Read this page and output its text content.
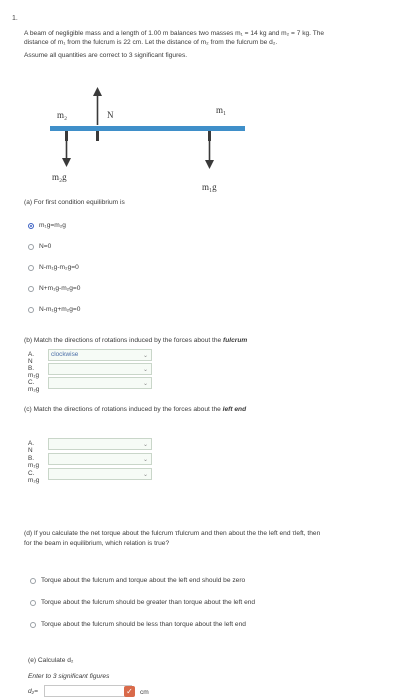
1.

A beam of negligible mass and a length of 1.00 m balances two masses m₁ = 14 kg and m₂ = 7 kg. The

distance of m₁ from the fulcrum is 22 cm. Let the distance of m₂ from the fulcrum be d₂.

Assume all quantities are correct to 3 significant figures.

m₂	N	m₁
m₂g
m₁g
(a) For first condition equilibrium is
m₁g=m₂g
N=0
N-m₁g-m₂g=0
N+m₁g-m₂g=0
N-m₁g+m₂g=0
(b) Match the directions of rotations induced by the forces about the fulcrum
A. N
clockwise	⌄
B. m₁g
⌄
C. m₂g
⌄
(c) Match the directions of rotations induced by the forces about the left end
A. N
⌄
B. m₁g
⌄
C. m₂g
⌄
(d) If you calculate the net torque about the fulcrum τfulcrum and then about the the left end τleft, then
for the beam in equilibrium, which relation is true?
Torque about the fulcrum and torque about the left end should be zero
Torque about the fulcrum should be greater than torque about the left end
Torque about the fulcrum should be less than torque about the left end
(e) Calculate d₂
Enter to 3 significant figures
d₂=	✓	cm
